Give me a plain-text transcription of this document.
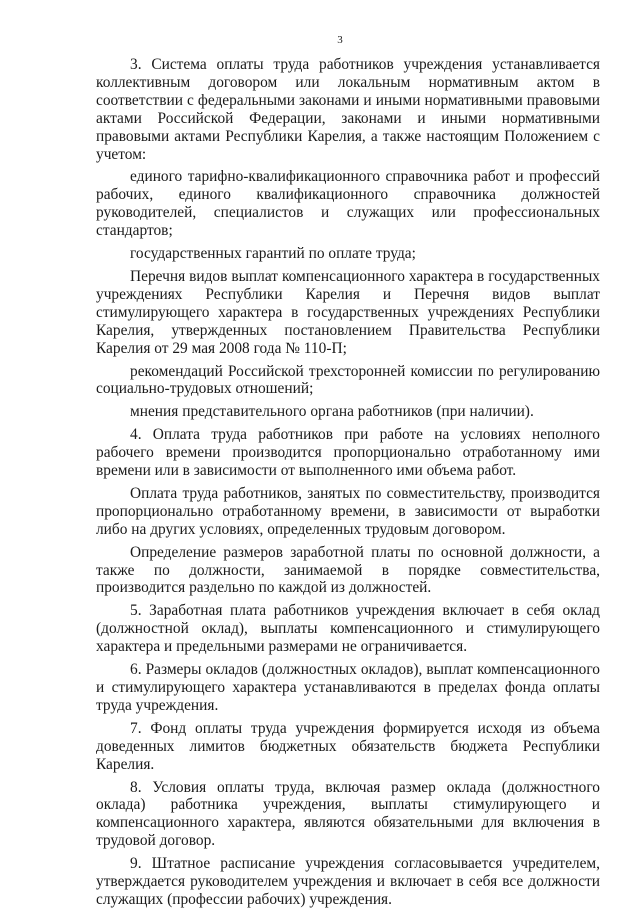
3

3. Система оплаты труда работников учреждения устанавливается коллективным договором или локальным нормативным актом в соответствии с федеральными законами и иными нормативными правовыми актами Российской Федерации, законами и иными нормативными правовыми актами Республики Карелия, а также настоящим Положением с учетом:

единого тарифно-квалификационного справочника работ и профессий рабочих, единого квалификационного справочника должностей руководителей, специалистов и служащих или профессиональных стандартов;

государственных гарантий по оплате труда;

Перечня видов выплат компенсационного характера в государственных учреждениях Республики Карелия и Перечня видов выплат стимулирующего характера в государственных учреждениях Республики Карелия, утвержденных постановлением Правительства Республики Карелия от 29 мая 2008 года № 110-П;

рекомендаций Российской трехсторонней комиссии по регулированию социально-трудовых отношений;

мнения представительного органа работников (при наличии).

4. Оплата труда работников при работе на условиях неполного рабочего времени производится пропорционально отработанному ими времени или в зависимости от выполненного ими объема работ.

Оплата труда работников, занятых по совместительству, производится пропорционально отработанному времени, в зависимости от выработки либо на других условиях, определенных трудовым договором.

Определение размеров заработной платы по основной должности, а также по должности, занимаемой в порядке совместительства, производится раздельно по каждой из должностей.

5. Заработная плата работников учреждения включает в себя оклад (должностной оклад), выплаты компенсационного и стимулирующего характера и предельными размерами не ограничивается.

6. Размеры окладов (должностных окладов), выплат компенсационного и стимулирующего характера устанавливаются в пределах фонда оплаты труда учреждения.

7. Фонд оплаты труда учреждения формируется исходя из объема доведенных лимитов бюджетных обязательств бюджета Республики Карелия.

8. Условия оплаты труда, включая размер оклада (должностного оклада) работника учреждения, выплаты стимулирующего и компенсационного характера, являются обязательными для включения в трудовой договор.

9. Штатное расписание учреждения согласовывается учредителем, утверждается руководителем учреждения и включает в себя все должности служащих (профессии рабочих) учреждения.
